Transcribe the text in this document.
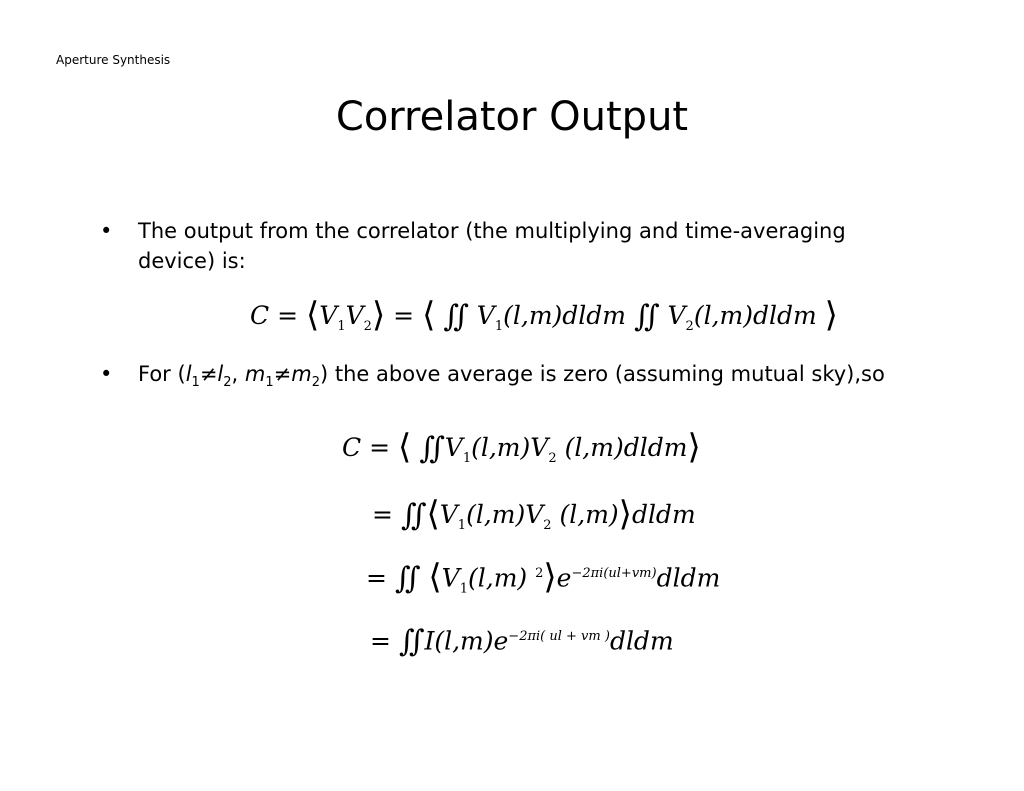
Aperture Synthesis
Correlator Output
• The output from the correlator (the multiplying and time-averaging device) is:
$C = ⟨V_1V_2⟩$ = ⟨ ∬ $V_1(l,m)dldm$ ∬ $V_2(l,m)dldm$ ⟩
• For ($l_1\ne l_2$, $m_1\ne m_2$) the above average is zero (assuming mutual sky),so
C = ⟨ $∬V_1(l,m)V_2$ (l,m)dldm⟩
= $∬⟨V_1(l,m)V_2$ (l,m)⟩dldm
= ∬ $⟨V_1(l,m)$ $^2⟩e^{-2\pi i(ul+vm)}dldm$
= $∬I(l,m)e^{-2\pi i( ul + vm )}dldm$
